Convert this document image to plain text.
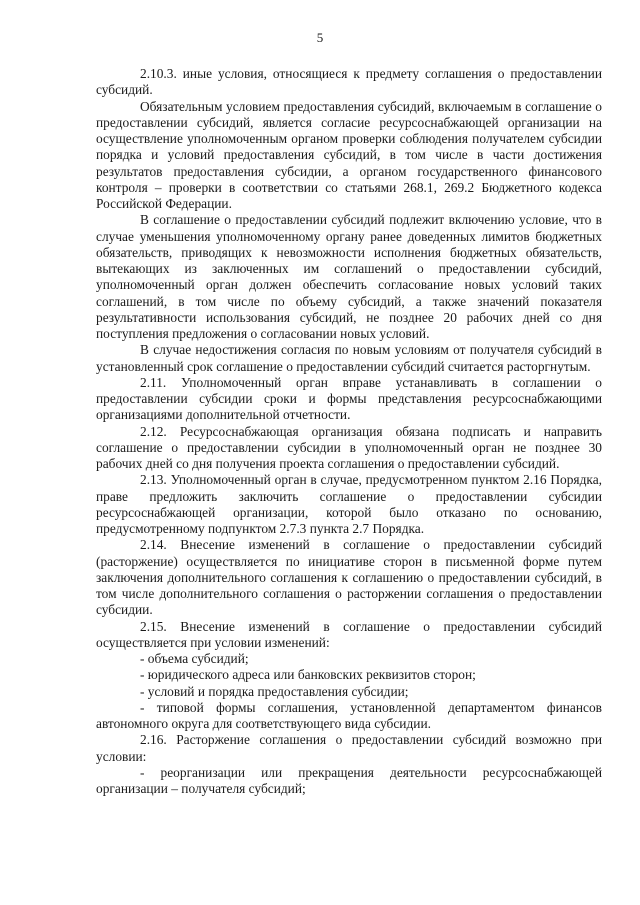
5

2.10.3. иные условия, относящиеся к предмету соглашения о предоставлении субсидий.

Обязательным условием предоставления субсидий, включаемым в соглашение о предоставлении субсидий, является согласие ресурсоснабжающей организации на осуществление уполномоченным органом проверки соблюдения получателем субсидии порядка и условий предоставления субсидий, в том числе в части достижения результатов предоставления субсидии, а органом государственного финансового контроля – проверки в соответствии со статьями 268.1, 269.2 Бюджетного кодекса Российской Федерации.

В соглашение о предоставлении субсидий подлежит включению условие, что в случае уменьшения уполномоченному органу ранее доведенных лимитов бюджетных обязательств, приводящих к невозможности исполнения бюджетных обязательств, вытекающих из заключенных им соглашений о предоставлении субсидий, уполномоченный орган должен обеспечить согласование новых условий таких соглашений, в том числе по объему субсидий, а также значений показателя результативности использования субсидий, не позднее 20 рабочих дней со дня поступления предложения о согласовании новых условий.

В случае недостижения согласия по новым условиям от получателя субсидий в установленный срок соглашение о предоставлении субсидий считается расторгнутым.

2.11. Уполномоченный орган вправе устанавливать в соглашении о предоставлении субсидии сроки и формы представления ресурсоснабжающими организациями дополнительной отчетности.

2.12. Ресурсоснабжающая организация обязана подписать и направить соглашение о предоставлении субсидии в уполномоченный орган не позднее 30 рабочих дней со дня получения проекта соглашения о предоставлении субсидий.

2.13. Уполномоченный орган в случае, предусмотренном пунктом 2.16 Порядка, праве предложить заключить соглашение о предоставлении субсидии ресурсоснабжающей организации, которой было отказано по основанию, предусмотренному подпунктом 2.7.3 пункта 2.7 Порядка.

2.14. Внесение изменений в соглашение о предоставлении субсидий (расторжение) осуществляется по инициативе сторон в письменной форме путем заключения дополнительного соглашения к соглашению о предоставлении субсидий, в том числе дополнительного соглашения о расторжении соглашения о предоставлении субсидии.

2.15. Внесение изменений в соглашение о предоставлении субсидий осуществляется при условии изменений:

- объема субсидий;

- юридического адреса или банковских реквизитов сторон;

- условий и порядка предоставления субсидии;

- типовой формы соглашения, установленной департаментом финансов автономного округа для соответствующего вида субсидии.

2.16. Расторжение соглашения о предоставлении субсидий возможно при условии:

- реорганизации или прекращения деятельности ресурсоснабжающей организации – получателя субсидий;
